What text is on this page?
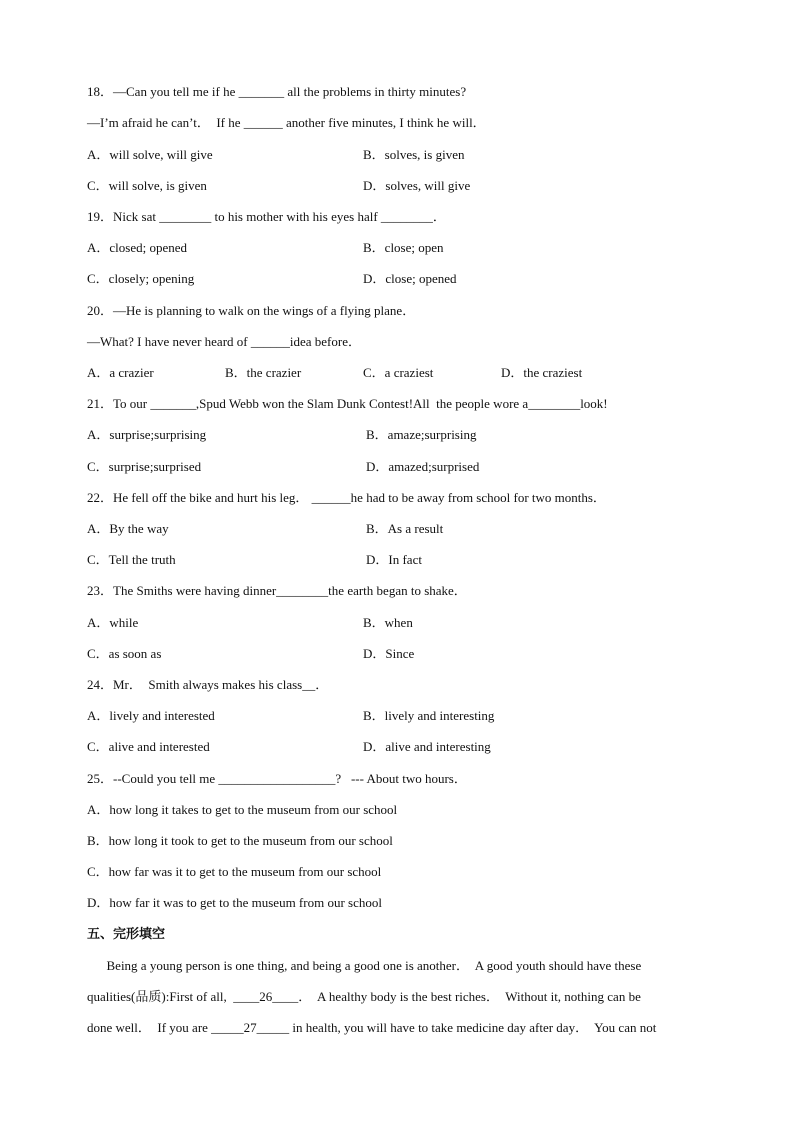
18．—Can you tell me if he _______ all the problems in thirty minutes?
—I’m afraid he can’t．  If he ______ another five minutes, I think he will．
A．will solve, will give	B．solves, is given
C．will solve, is given	D．solves, will give
19．Nick sat ________ to his mother with his eyes half ________．
A．closed; opened	B．close; open
C．closely; opening	D．close; opened
20．—He is planning to walk on the wings of a flying plane．
—What? I have never heard of ______idea before．
A．a crazier	B．the crazier	C．a craziest	D．the craziest
21．To our _______,Spud Webb won the Slam Dunk Contest!All  the people wore a________look!
A．surprise;surprising	B．amaze;surprising
C．surprise;surprised	D．amazed;surprised
22．He fell off the bike and hurt his leg． ______he had to be away from school for two months．
A．By the way	B．As a result
C．Tell the truth	D．In fact
23．The Smiths were having dinner________the earth began to shake．
A．while	B．when
C．as soon as	D．Since
24．Mr．  Smith always makes his class__．
A．lively and interested	B．lively and interesting
C．alive and interested	D．alive and interesting
25．--Could you tell me __________________?   --- About two hours．
A．how long it takes to get to the museum from our school
B．how long it took to get to the museum from our school
C．how far was it to get to the museum from our school
D．how far it was to get to the museum from our school
五、完形填空
Being a young person is one thing, and being a good one is another．  A good youth should have these
qualities(品质):First of all,  ____26____．  A healthy body is the best riches．  Without it, nothing can be
done well．  If you are _____27_____ in health, you will have to take medicine day after day．  You can not
